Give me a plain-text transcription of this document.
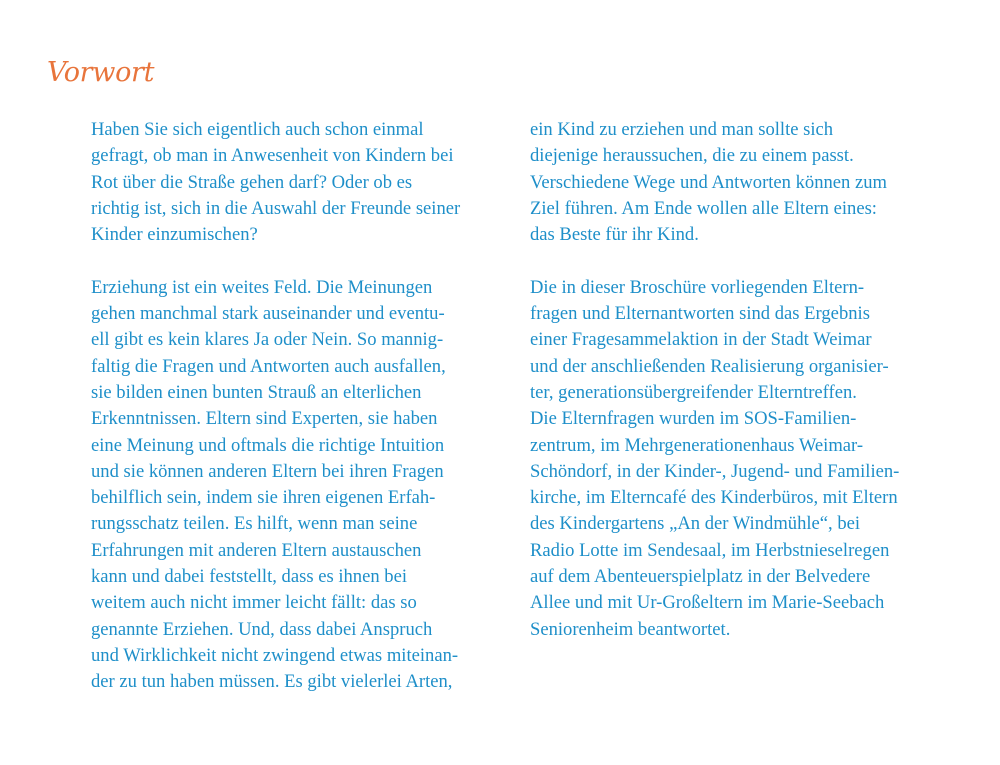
Vorwort
Haben Sie sich eigentlich auch schon einmal
gefragt, ob man in Anwesenheit von Kindern bei
Rot über die Straße gehen darf? Oder ob es
richtig ist, sich in die Auswahl der Freunde seiner
Kinder einzumischen?
Erziehung ist ein weites Feld. Die Meinungen
gehen manchmal stark auseinander und eventu-
ell gibt es kein klares Ja oder Nein. So mannig-
faltig die Fragen und Antworten auch ausfallen,
sie bilden einen bunten Strauß an elterlichen
Erkenntnissen. Eltern sind Experten, sie haben
eine Meinung und oftmals die richtige Intuition
und sie können anderen Eltern bei ihren Fragen
behilflich sein, indem sie ihren eigenen Erfah-
rungsschatz teilen. Es hilft, wenn man seine
Erfahrungen mit anderen Eltern austauschen
kann und dabei feststellt, dass es ihnen bei
weitem auch nicht immer leicht fällt: das so
genannte Erziehen. Und, dass dabei Anspruch
und Wirklichkeit nicht zwingend etwas miteinan-
der zu tun haben müssen. Es gibt vielerlei Arten,
ein Kind zu erziehen und man sollte sich
diejenige heraussuchen, die zu einem passt.
Verschiedene Wege und Antworten können zum
Ziel führen. Am Ende wollen alle Eltern eines:
das Beste für ihr Kind.
Die in dieser Broschüre vorliegenden Eltern-
fragen und Elternantworten sind das Ergebnis
einer Fragesammelaktion in der Stadt Weimar
und der anschließenden Realisierung organisier-
ter, generationsübergreifender Elterntreffen.
Die Elternfragen wurden im SOS-Familien-
zentrum, im Mehrgenerationenhaus Weimar-
Schöndorf, in der Kinder-, Jugend- und Familien-
kirche, im Elterncafé des Kinderbüros, mit Eltern
des Kindergartens „An der Windmühle“, bei
Radio Lotte im Sendesaal, im Herbstnieselregen
auf dem Abenteuerspielplatz in der Belvedere
Allee und mit Ur-Großeltern im Marie-Seebach
Seniorenheim beantwortet.
